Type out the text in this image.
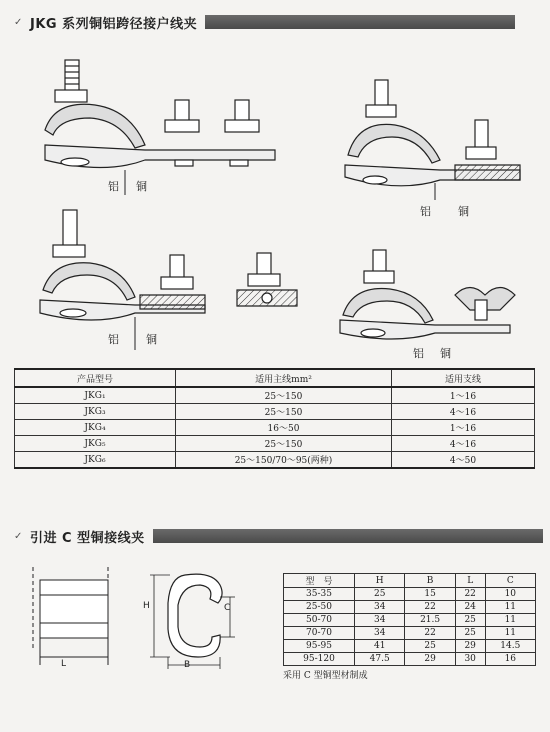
✓ JKG 系列铜铝跨径接户线夹
铝 铜
铝 铜
铝 铜
铝 铜
产品型号	适用主线mm²	适用支线
JKG₁	25～150	1～16
JKG₃	25～150	4～16
JKG₄	16～50	1～16
JKG₅	25～150	4～16
JKG₆	25～150/70～95(两种)	4～50
✓ 引进 C 型铜接线夹
L
H	C
B
型　号	H	B	L	C
35-35	25	15	22	10
25-50	34	22	24	11
50-70	34	21.5	25	11
70-70	34	22	25	11
95-95	41	25	29	14.5
95-120	47.5	29	30	16
采用 C 型铜型材制成
